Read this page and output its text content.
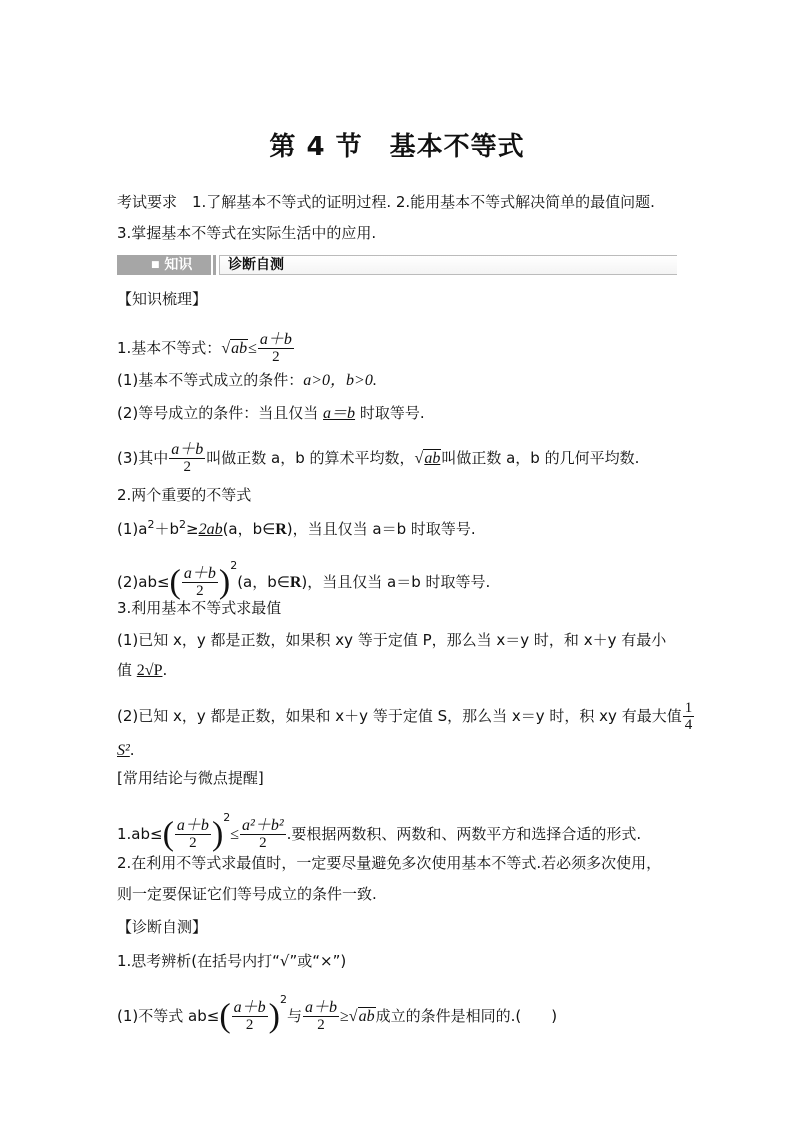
第 4 节　基本不等式
考试要求　1.了解基本不等式的证明过程. 2.能用基本不等式解决简单的最值问题.
3.掌握基本不等式在实际生活中的应用.
■ 知识	诊断自测
【知识梳理】
1.基本不等式：$√ab\le \frac{a+b}{2}$
(1)基本不等式成立的条件：a>0，b>0.
(2)等号成立的条件：当且仅当 a＝b 时取等号.
(3)其中 $\frac{a+b}{2}$ 叫做正数 a，b 的算术平均数，√ab叫做正数 a，b 的几何平均数.
2.两个重要的不等式
$(1)a^2+b^2\ge 2ab(a$，b∈R)，当且仅当 a＝b 时取等号.
$(2)ab\le( \frac{a+b}{2} )^2(a$，b∈R)，当且仅当 a＝b 时取等号.
3.利用基本不等式求最值
(1)已知 x，y 都是正数，如果积 xy 等于定值 P，那么当 x＝y 时，和 x＋y 有最小
值 2√P.
(2)已知 x，y 都是正数，如果和 x＋y 等于定值 S，那么当 x＝y 时，积 xy 有最大值 $\frac{1}{4}$
S².
[常用结论与微点提醒]
$1.ab\le( \frac{a+b}{2} )^2\le \frac{\text{a²＋b²}}{2}$ .要根据两数积、两数和、两数平方和选择合适的形式.
2.在利用不等式求最值时，一定要尽量避免多次使用基本不等式.若必须多次使用，
则一定要保证它们等号成立的条件一致.
【诊断自测】
1.思考辨析(在括号内打“√”或“×”)
(1)不等式 $ab\le( \frac{a+b}{2} )^2$与 $\frac{a+b}{2} \ge√ab$成立的条件是相同的.(　　)
